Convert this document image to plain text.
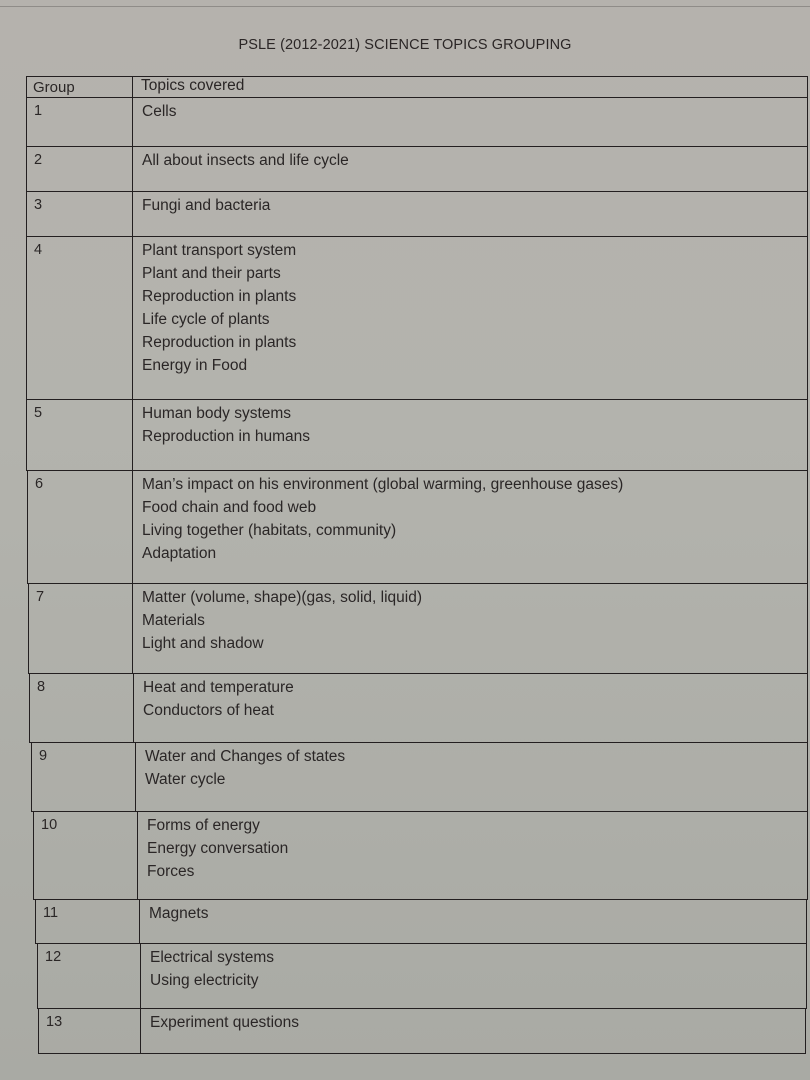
PSLE (2012-2021) SCIENCE TOPICS GROUPING
Group	Topics covered
1	Cells
2	All about insects and life cycle
3	Fungi and bacteria
4	Plant transport system
Plant and their parts
Reproduction in plants
Life cycle of plants
Reproduction in plants
Energy in Food
5	Human body systems
Reproduction in humans
6	Man’s impact on his environment (global warming, greenhouse gases)
Food chain and food web
Living together (habitats, community)
Adaptation
7	Matter (volume, shape)(gas, solid, liquid)
Materials
Light and shadow
8	Heat and temperature
Conductors of heat
9	Water and Changes of states
Water cycle
10	Forms of energy
Energy conversation
Forces
11	Magnets
12	Electrical systems
Using electricity
13	Experiment questions
